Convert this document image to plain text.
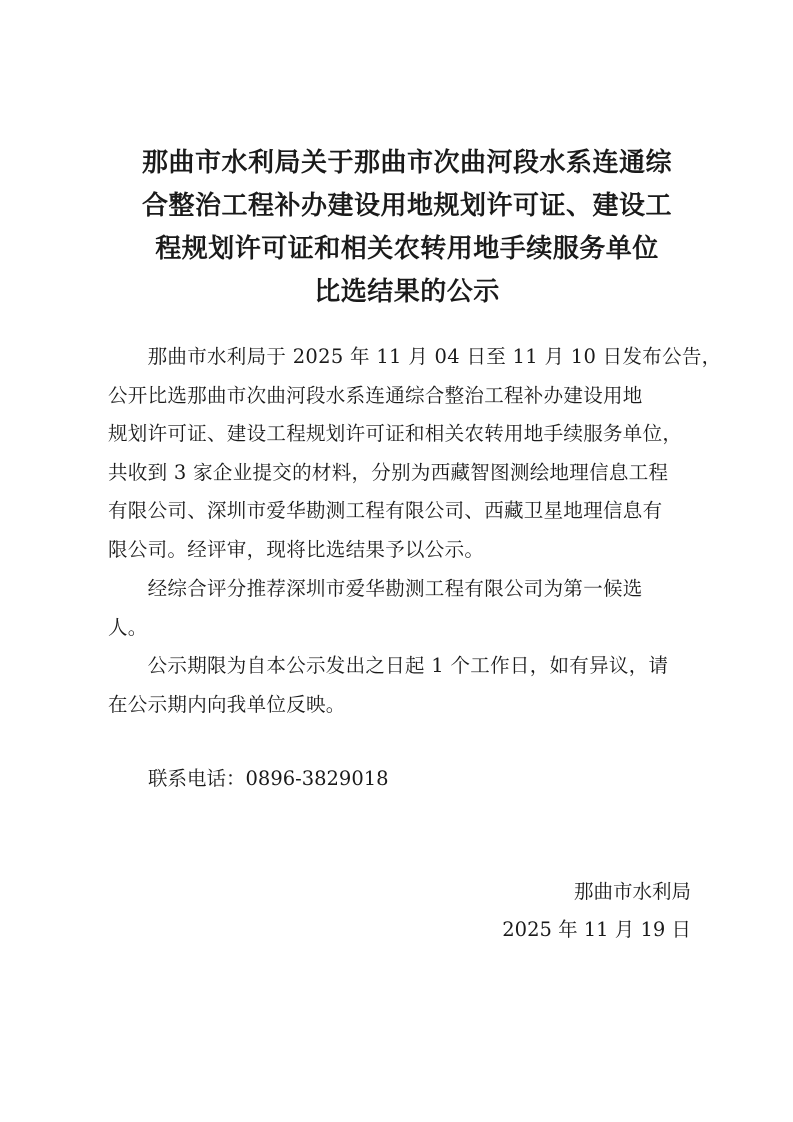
那曲市水利局关于那曲市次曲河段水系连通综
合整治工程补办建设用地规划许可证、建设工
程规划许可证和相关农转用地手续服务单位
比选结果的公示
　　那曲市水利局于 2025 年 11 月 04 日至 11 月 10 日发布公告，
公开比选那曲市次曲河段水系连通综合整治工程补办建设用地
规划许可证、建设工程规划许可证和相关农转用地手续服务单位，
共收到 3 家企业提交的材料，分别为西藏智图测绘地理信息工程
有限公司、深圳市爱华勘测工程有限公司、西藏卫星地理信息有
限公司。经评审，现将比选结果予以公示。
　　经综合评分推荐深圳市爱华勘测工程有限公司为第一候选
人。
　　公示期限为自本公示发出之日起 1 个工作日，如有异议，请
在公示期内向我单位反映。
联系电话：0896-3829018
那曲市水利局
2025 年 11 月 19 日
